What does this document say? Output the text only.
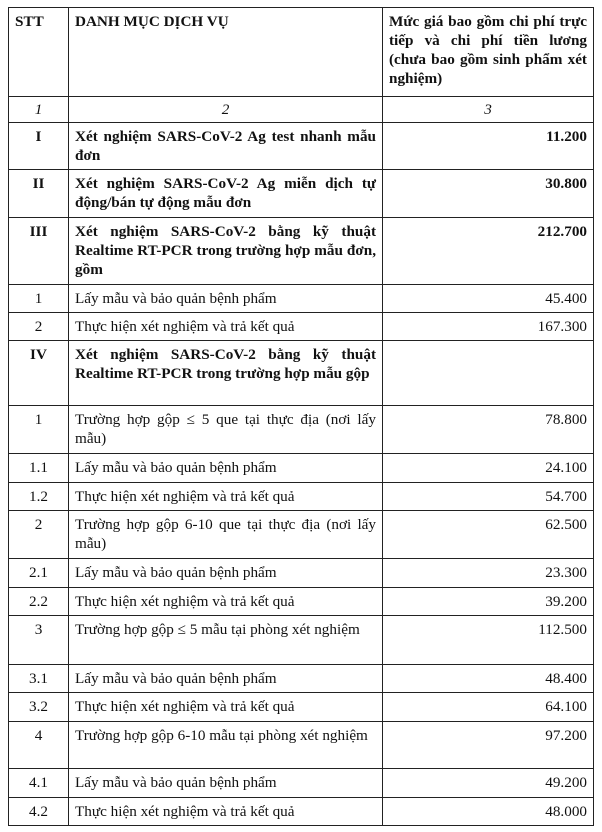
STT	DANH MỤC DỊCH VỤ	Mức giá bao gồm chi phí trực tiếp và chi phí tiền lương (chưa bao gồm sinh phẩm xét nghiệm)
1	2	3
I	Xét nghiệm SARS-CoV-2 Ag test nhanh mẫu đơn	11.200
II	Xét nghiệm SARS-CoV-2 Ag miễn dịch tự động/bán tự động mẫu đơn	30.800
III	Xét nghiệm SARS-CoV-2 bằng kỹ thuật Realtime RT-PCR trong trường hợp mẫu đơn, gồm	212.700
1	Lấy mẫu và bảo quản bệnh phẩm	45.400
2	Thực hiện xét nghiệm và trả kết quả	167.300
IV	Xét nghiệm SARS-CoV-2 bằng kỹ thuật Realtime RT-PCR trong trường hợp mẫu gộp	
1	Trường hợp gộp ≤ 5 que tại thực địa (nơi lấy mẫu)	78.800
1.1	Lấy mẫu và bảo quản bệnh phẩm	24.100
1.2	Thực hiện xét nghiệm và trả kết quả	54.700
2	Trường hợp gộp 6-10 que tại thực địa (nơi lấy mẫu)	62.500
2.1	Lấy mẫu và bảo quản bệnh phẩm	23.300
2.2	Thực hiện xét nghiệm và trả kết quả	39.200
3	Trường hợp gộp ≤ 5 mẫu tại phòng xét nghiệm	112.500
3.1	Lấy mẫu và bảo quản bệnh phẩm	48.400
3.2	Thực hiện xét nghiệm và trả kết quả	64.100
4	Trường hợp gộp 6-10 mẫu tại phòng xét nghiệm	97.200
4.1	Lấy mẫu và bảo quản bệnh phẩm	49.200
4.2	Thực hiện xét nghiệm và trả kết quả	48.000
